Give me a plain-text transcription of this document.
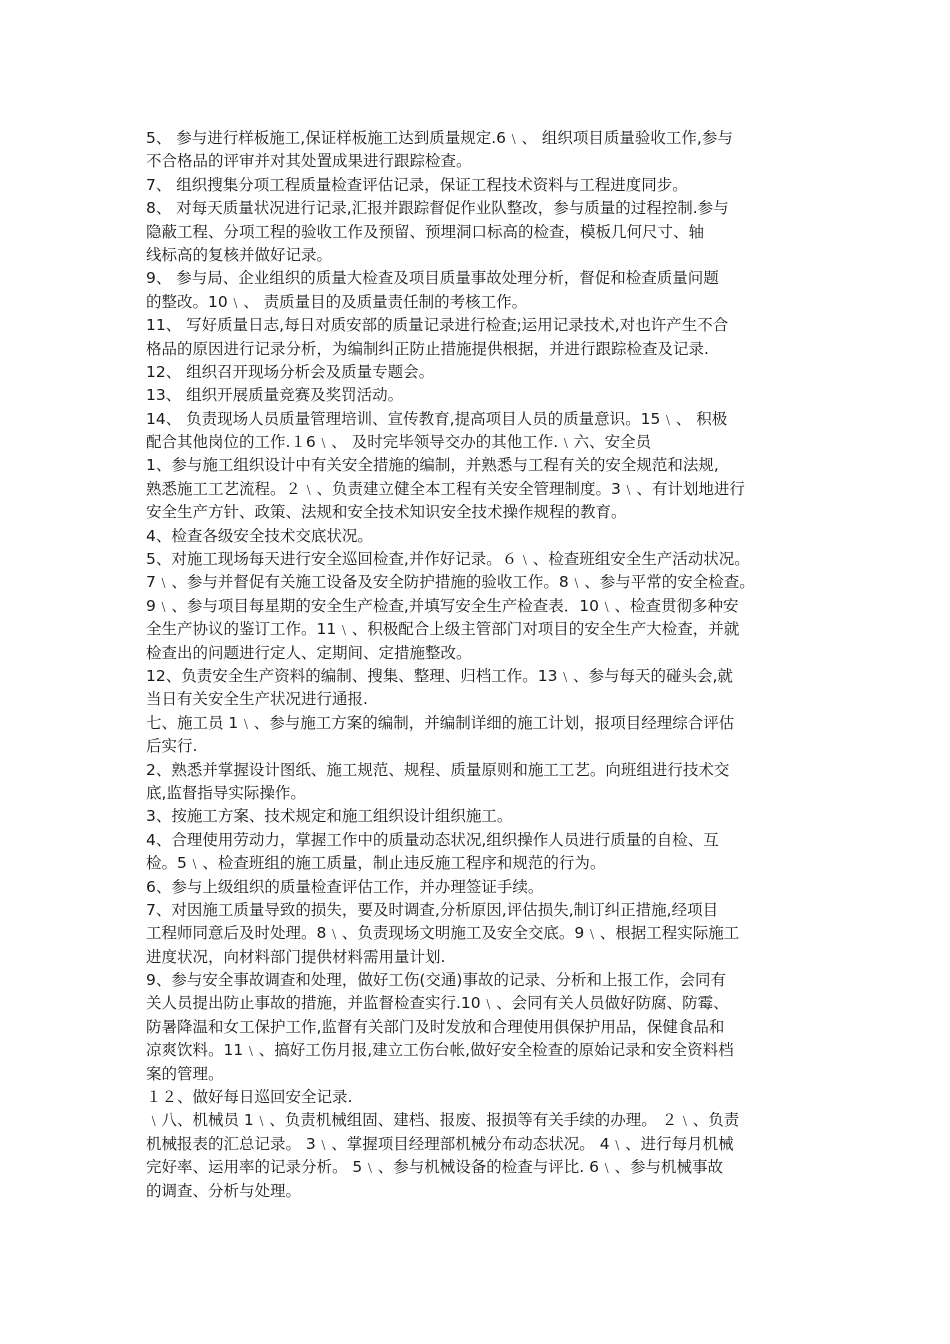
5、 参与进行样板施工,保证样板施工达到质量规定.6﹨、 组织项目质量验收工作,参与
不合格品的评审并对其处置成果进行跟踪检查。
7、 组织搜集分项工程质量检查评估记录，保证工程技术资料与工程进度同步。
8、 对每天质量状况进行记录,汇报并跟踪督促作业队整改，参与质量的过程控制.参与
隐蔽工程、分项工程的验收工作及预留、预埋洞口标高的检查，模板几何尺寸、轴
线标高的复核并做好记录。
9、 参与局、企业组织的质量大检查及项目质量事故处理分析，督促和检查质量问题
的整改。10﹨、 责质量目的及质量责任制的考核工作。
11、 写好质量日志,每日对质安部的质量记录进行检查;运用记录技术,对也许产生不合
格品的原因进行记录分析，为编制纠正防止措施提供根据，并进行跟踪检查及记录.
12、 组织召开现场分析会及质量专题会。
13、 组织开展质量竞赛及奖罚活动。
14、 负责现场人员质量管理培训、宣传教育,提高项目人员的质量意识。15﹨、 积极
配合其他岗位的工作.１6﹨、 及时完毕领导交办的其他工作.﹨六、安全员
1、参与施工组织设计中有关安全措施的编制，并熟悉与工程有关的安全规范和法规,
熟悉施工工艺流程。２﹨、负责建立健全本工程有关安全管理制度。3﹨、有计划地进行
安全生产方针、政策、法规和安全技术知识安全技术操作规程的教育。
4、检查各级安全技术交底状况。
5、对施工现场每天进行安全巡回检查,并作好记录。６﹨、检查班组安全生产活动状况。
7﹨、参与并督促有关施工设备及安全防护措施的验收工作。8﹨、参与平常的安全检查。
9﹨、参与项目每星期的安全生产检查,并填写安全生产检查表．10﹨、检查贯彻多种安
全生产协议的鉴订工作。11﹨、积极配合上级主管部门对项目的安全生产大检查，并就
检查出的问题进行定人、定期间、定措施整改。
12、负责安全生产资料的编制、搜集、整理、归档工作。13﹨、参与每天的碰头会,就
当日有关安全生产状况进行通报.
七、施工员 1﹨、参与施工方案的编制，并编制详细的施工计划，报项目经理综合评估
后实行.
2、熟悉并掌握设计图纸、施工规范、规程、质量原则和施工工艺。向班组进行技术交
底,监督指导实际操作。
3、按施工方案、技术规定和施工组织设计组织施工。
4、合理使用劳动力，掌握工作中的质量动态状况,组织操作人员进行质量的自检、互
检。5﹨、检查班组的施工质量，制止违反施工程序和规范的行为。
6、参与上级组织的质量检查评估工作，并办理签证手续。
7、对因施工质量导致的损失，要及时调查,分析原因,评估损失,制订纠正措施,经项目
工程师同意后及时处理。8﹨、负责现场文明施工及安全交底。9﹨、根据工程实际施工
进度状况，向材料部门提供材料需用量计划.
9、参与安全事故调查和处理，做好工伤(交通)事故的记录、分析和上报工作，会同有
关人员提出防止事故的措施，并监督检查实行.10﹨、会同有关人员做好防腐、防霉、
防暑降温和女工保护工作,监督有关部门及时发放和合理使用俱保护用品，保健食品和
凉爽饮料。11﹨、搞好工伤月报,建立工伤台帐,做好安全检查的原始记录和安全资料档
案的管理。
１２、做好每日巡回安全记录.
﹨八、机械员 1﹨、负责机械组固、建档、报废、报损等有关手续的办理。 ２﹨、负责
机械报表的汇总记录。 3﹨、掌握项目经理部机械分布动态状况。 4﹨、进行每月机械
完好率、运用率的记录分析。 5﹨、参与机械设备的检查与评比. 6﹨、参与机械事故
的调查、分析与处理。
